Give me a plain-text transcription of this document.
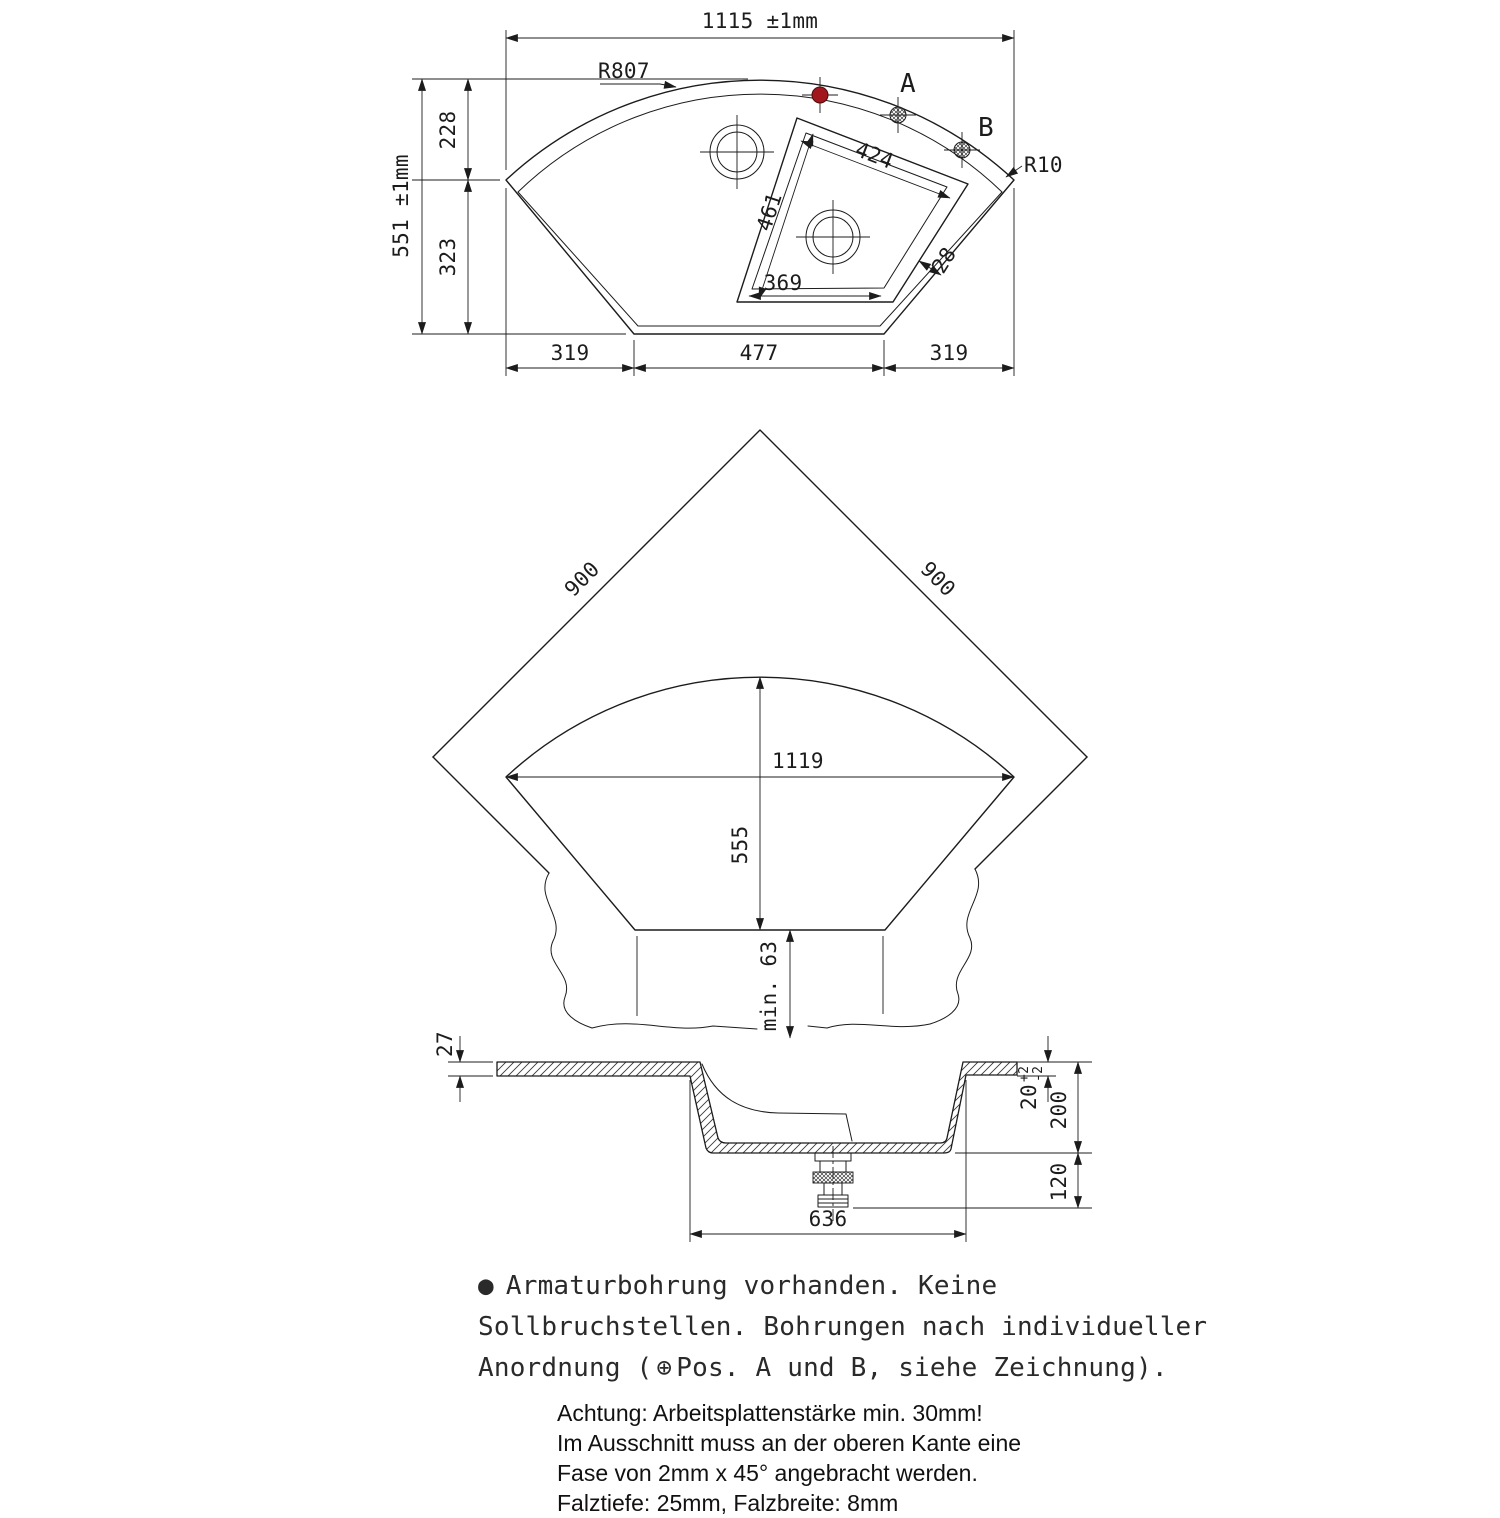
A
B
R807
R10
1115 ±1mm
551 ±1mm
228
323
319	477	319
424
461
369
28
900	900
1119
555
min. 63
27
20
+2 -2
200
120
636
● Armaturbohrung vorhanden. Keine
Sollbruchstellen. Bohrungen nach individueller
Anordnung ( ⊕ Pos. A und B, siehe Zeichnung).
Achtung: Arbeitsplattenstärke min. 30mm!
Im Ausschnitt muss an der oberen Kante eine
Fase von 2mm x 45° angebracht werden.
Falztiefe: 25mm, Falzbreite: 8mm
